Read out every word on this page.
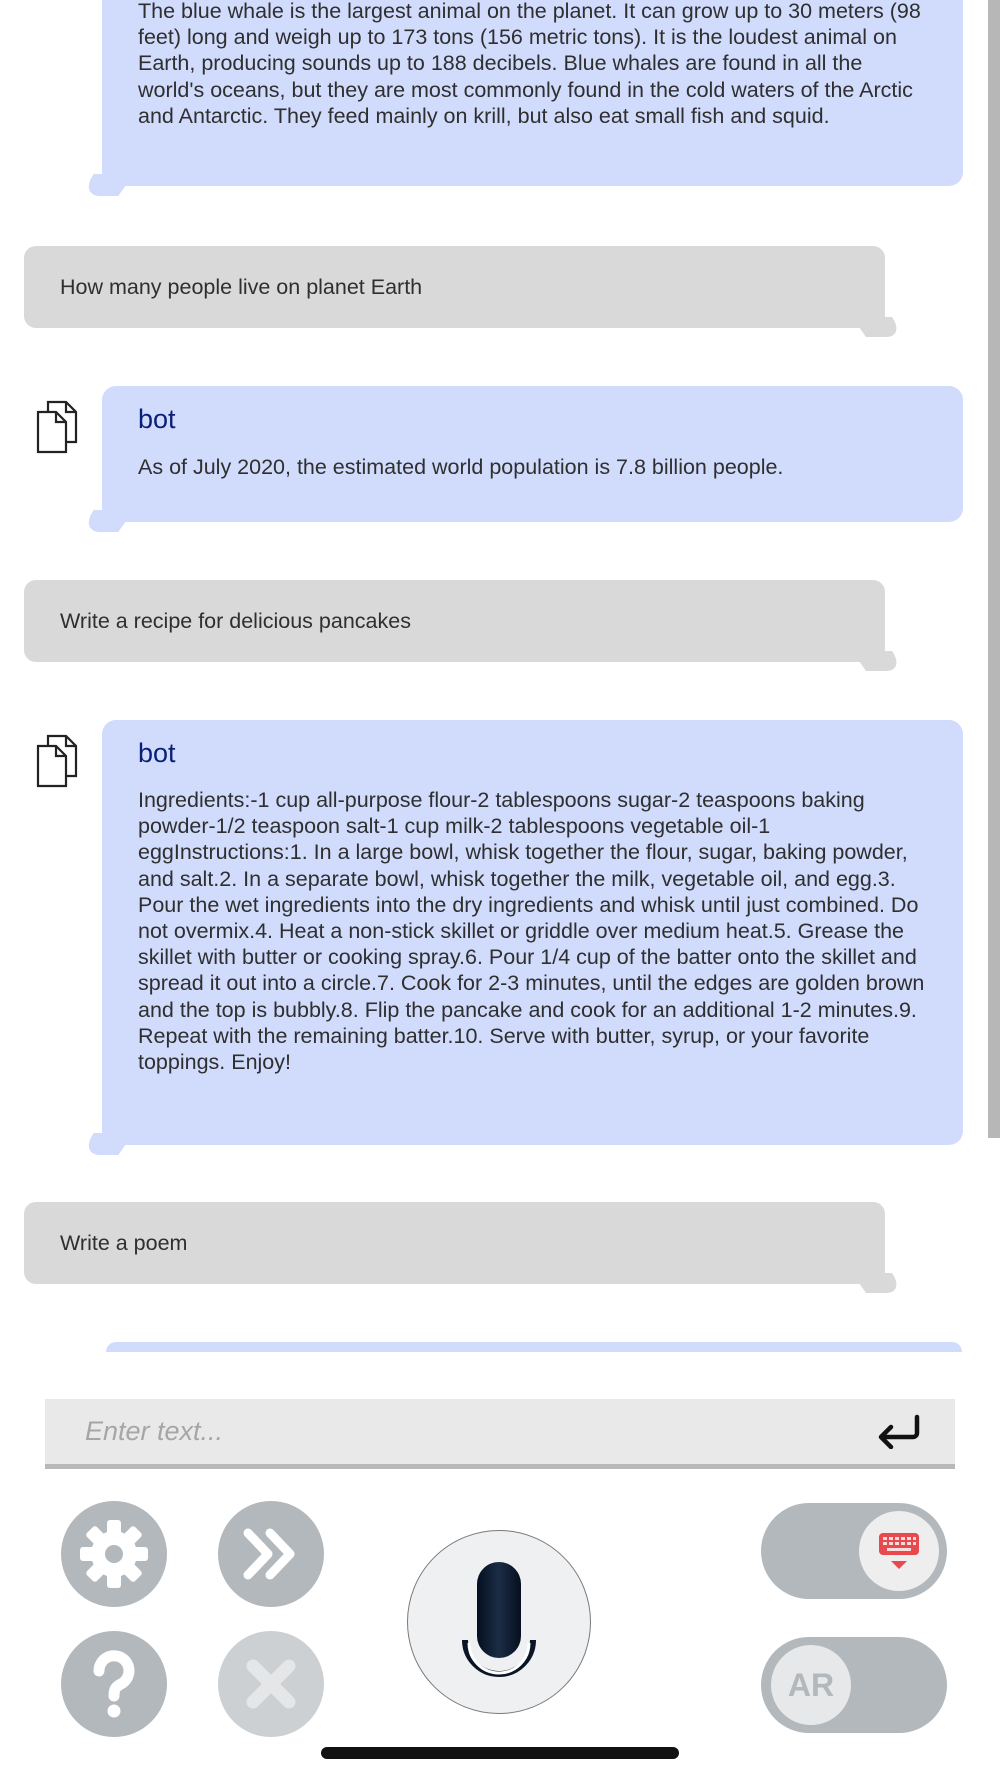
The blue whale is the largest animal on the planet. It can grow up to 30 meters (98 feet) long and weigh up to 173 tons (156 metric tons). It is the loudest animal on Earth, producing sounds up to 188 decibels. Blue whales are found in all the world's oceans, but they are most commonly found in the cold waters of the Arctic and Antarctic. They feed mainly on krill, but also eat small fish and squid.
How many people live on planet Earth
bot
As of July 2020, the estimated world population is 7.8 billion people.
Write a recipe for delicious pancakes
bot
Ingredients:-1 cup all-purpose flour-2 tablespoons sugar-2 teaspoons baking powder-1/2 teaspoon salt-1 cup milk-2 tablespoons vegetable oil-1 eggInstructions:1. In a large bowl, whisk together the flour, sugar, baking powder, and salt.2. In a separate bowl, whisk together the milk, vegetable oil, and egg.3. Pour the wet ingredients into the dry ingredients and whisk until just combined. Do not overmix.4. Heat a non-stick skillet or griddle over medium heat.5. Grease the skillet with butter or cooking spray.6. Pour 1/4 cup of the batter onto the skillet and spread it out into a circle.7. Cook for 2-3 minutes, until the edges are golden brown and the top is bubbly.8. Flip the pancake and cook for an additional 1-2 minutes.9. Repeat with the remaining batter.10. Serve with butter, syrup, or your favorite toppings. Enjoy!
Write a poem
Enter text...
AR
